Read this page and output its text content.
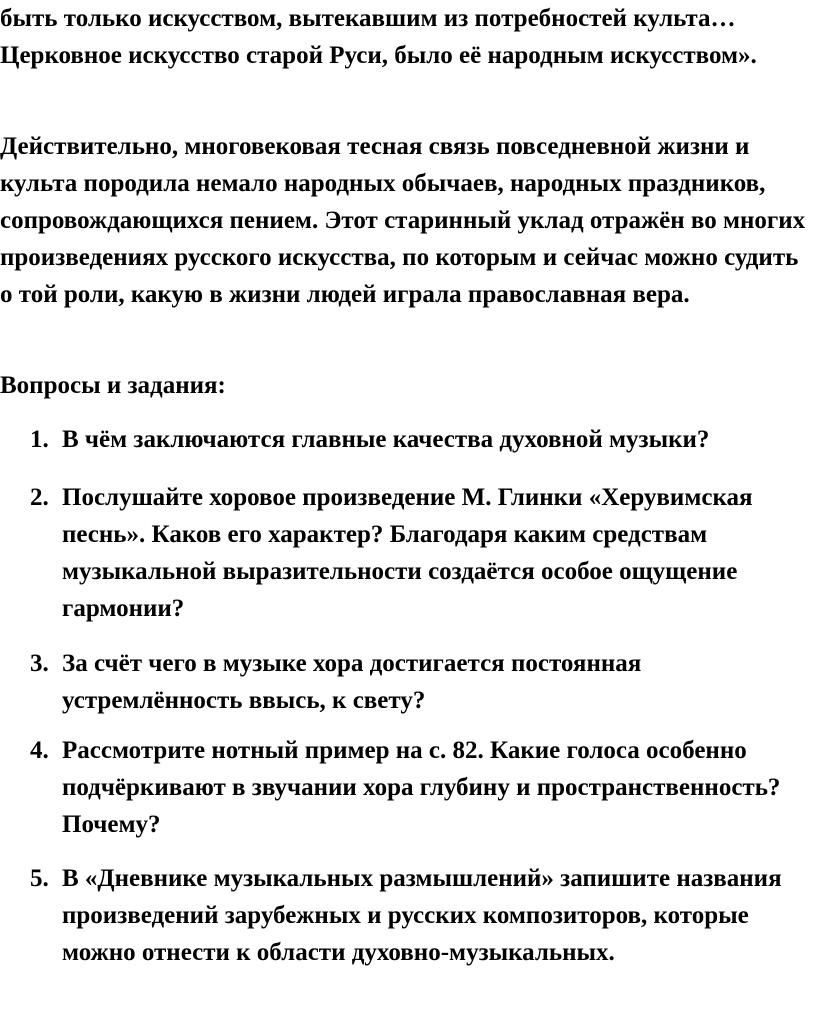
быть только искусством, вытекавшим из потребностей культа… Церковное искусство старой Руси, было её народным искусством».

Действительно, многовековая тесная связь повседневной жизни и культа породила немало народных обычаев, народных праздников, сопровождающихся пением. Этот старинный уклад отражён во многих произведениях русского искусства, по которым и сейчас можно судить о той роли, какую в жизни людей играла православная вера.

Вопросы и задания:

1. В чём заключаются главные качества духовной музыки?
2. Послушайте хоровое произведение М. Глинки «Херувимская песнь». Каков его характер? Благодаря каким средствам музыкальной выразительности создаётся особое ощущение гармонии?
3. За счёт чего в музыке хора достигается постоянная устремлённость ввысь, к свету?
4. Рассмотрите нотный пример на с. 82. Какие голоса особенно подчёркивают в звучании хора глубину и пространственность? Почему?
5. В «Дневнике музыкальных размышлений» запишите названия произведений зарубежных и русских композиторов, которые можно отнести к области духовно-музыкальных.
